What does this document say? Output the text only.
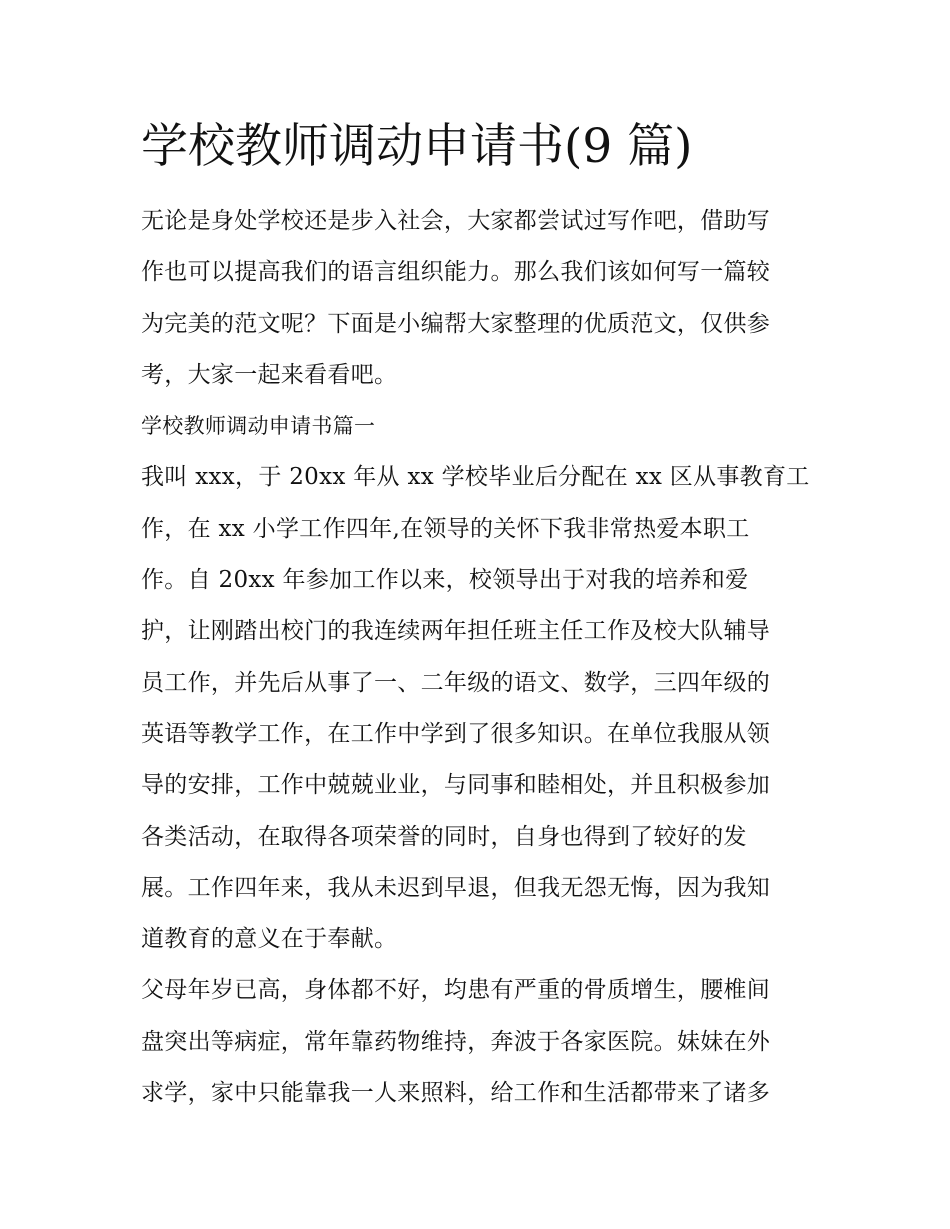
学校教师调动申请书(9 篇)
无论是身处学校还是步入社会，大家都尝试过写作吧，借助写
作也可以提高我们的语言组织能力。那么我们该如何写一篇较
为完美的范文呢？下面是小编帮大家整理的优质范文，仅供参
考，大家一起来看看吧。
学校教师调动申请书篇一
我叫 xxx，于 20xx 年从 xx 学校毕业后分配在 xx 区从事教育工
作，在 xx 小学工作四年,在领导的关怀下我非常热爱本职工
作。自 20xx 年参加工作以来，校领导出于对我的培养和爱
护，让刚踏出校门的我连续两年担任班主任工作及校大队辅导
员工作，并先后从事了一、二年级的语文、数学，三四年级的
英语等教学工作，在工作中学到了很多知识。在单位我服从领
导的安排，工作中兢兢业业，与同事和睦相处，并且积极参加
各类活动，在取得各项荣誉的同时，自身也得到了较好的发
展。工作四年来，我从未迟到早退，但我无怨无悔，因为我知
道教育的意义在于奉献。
父母年岁已高，身体都不好，均患有严重的骨质增生，腰椎间
盘突出等病症，常年靠药物维持，奔波于各家医院。妹妹在外
求学，家中只能靠我一人来照料，给工作和生活都带来了诸多
